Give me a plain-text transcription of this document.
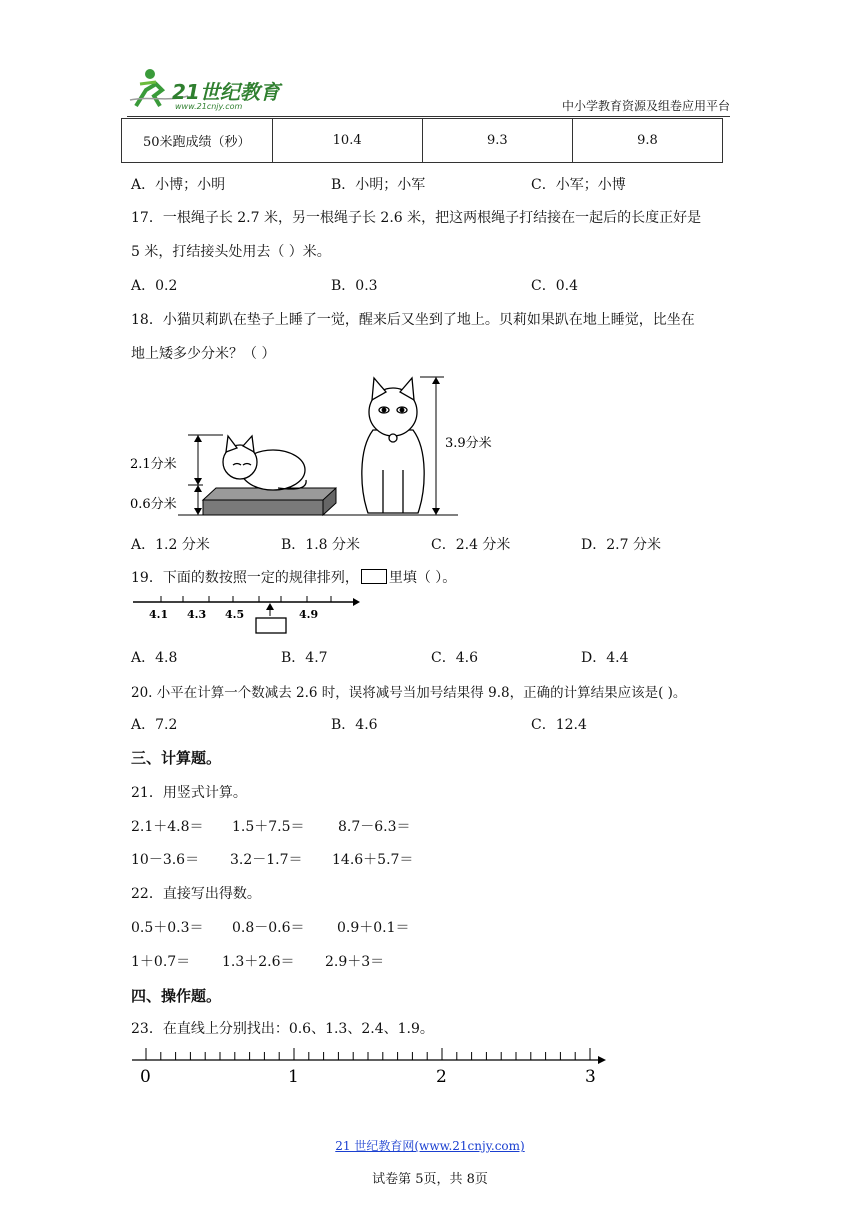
21世纪教育
www.21cnjy.com	中小学教育资源及组卷应用平台
50米跑成绩（秒）	10.4	9.3	9.8
A．小博；小明	B．小明；小军	C．小军；小博
17．一根绳子长 2.7 米，另一根绳子长 2.6 米，把这两根绳子打结接在一起后的长度正好是
5 米，打结接头处用去（ ）米。
A．0.2	B．0.3	C．0.4
18．小猫贝莉趴在垫子上睡了一觉，醒来后又坐到了地上。贝莉如果趴在地上睡觉，比坐在
地上矮多少分米？（ ）
2.1分米
0.6分米
3.9分米
A．1.2 分米	B．1.8 分米	C．2.4 分米	D．2.7 分米
19．下面的数按照一定的规律排列， 里填（ ）。
4.1 4.3 4.5	4.9
A．4.8	B．4.7	C．4.6	D．4.4
20. 小平在计算一个数减去 2.6 时，误将减号当加号结果得 9.8，正确的计算结果应该是( )。
A．7.2	B．4.6	C．12.4
三、计算题。
21．用竖式计算。
2.1＋4.8＝ 1.5＋7.5＝ 8.7－6.3＝
10－3.6＝ 3.2－1.7＝ 14.6＋5.7＝
22．直接写出得数。
0.5＋0.3＝ 0.8－0.6＝ 0.9＋0.1＝
1＋0.7＝ 1.3＋2.6＝ 2.9＋3＝
四、操作题。
23．在直线上分别找出：0.6、1.3、2.4、1.9。
0	1	2	3
21 世纪教育网(www.21cnjy.com)
试卷第 5页，共 8页
